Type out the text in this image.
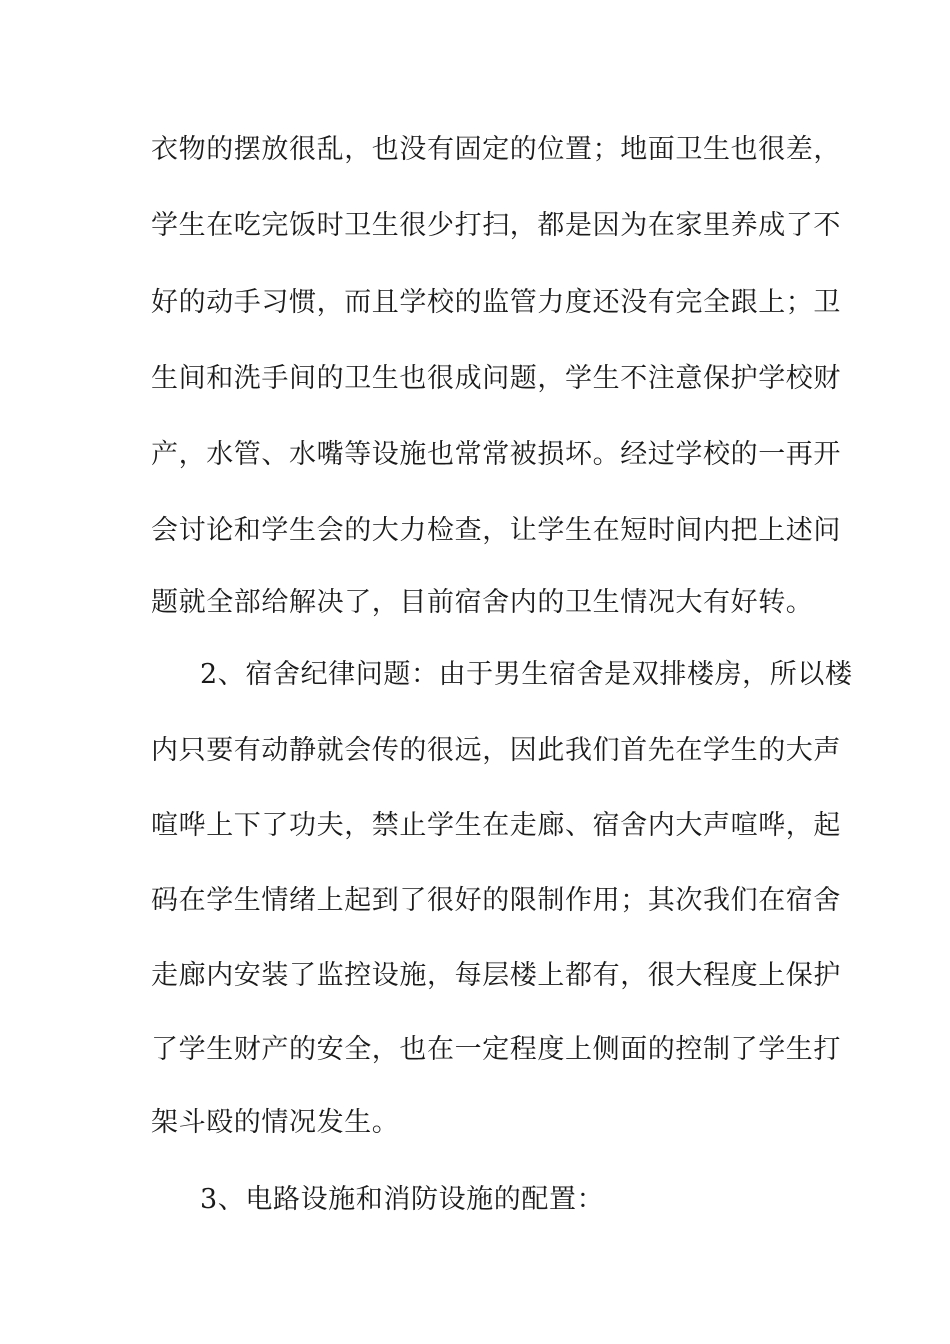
衣物的摆放很乱，也没有固定的位置；地面卫生也很差，

学生在吃完饭时卫生很少打扫，都是因为在家里养成了不

好的动手习惯，而且学校的监管力度还没有完全跟上；卫

生间和洗手间的卫生也很成问题，学生不注意保护学校财

产，水管、水嘴等设施也常常被损坏。经过学校的一再开

会讨论和学生会的大力检查，让学生在短时间内把上述问

题就全部给解决了，目前宿舍内的卫生情况大有好转。

2、宿舍纪律问题：由于男生宿舍是双排楼房，所以楼

内只要有动静就会传的很远，因此我们首先在学生的大声

喧哗上下了功夫，禁止学生在走廊、宿舍内大声喧哗，起

码在学生情绪上起到了很好的限制作用；其次我们在宿舍

走廊内安装了监控设施，每层楼上都有，很大程度上保护

了学生财产的安全，也在一定程度上侧面的控制了学生打

架斗殴的情况发生。

3、电路设施和消防设施的配置：
